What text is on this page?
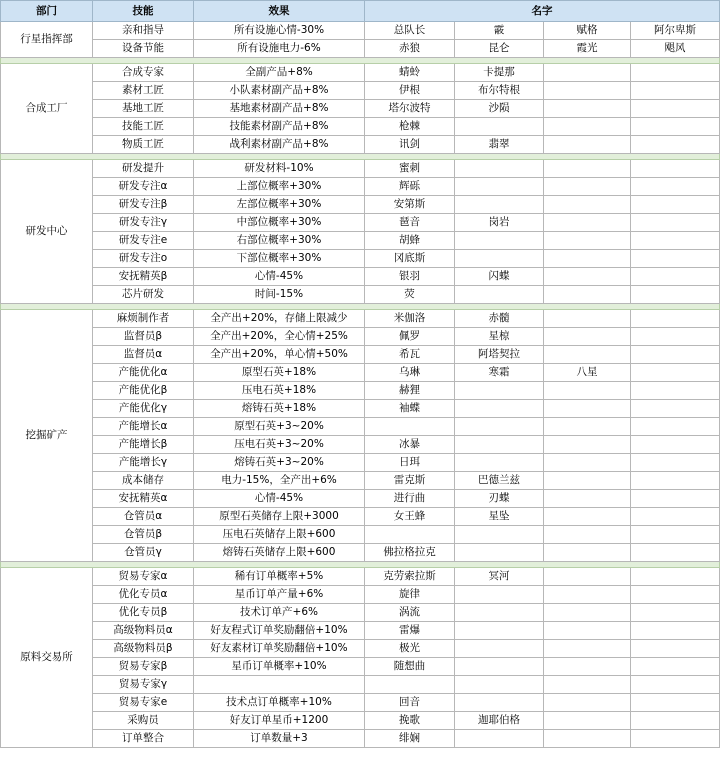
部门	技能	效果	名字			
行星指挥部	亲和指导	所有设施心情-30%	总队长	霰	赋格	阿尔卑斯
	设备节能	所有设施电力-6%	赤狼	昆仑	霞光	飓风

合成工厂	合成专家	全副产品+8%	蜻蛉	卡提那		
	素材工匠	小队素材副产品+8%	伊根	布尔特根		
	基地工匠	基地素材副产品+8%	塔尔波特	沙陨		
	技能工匠	技能素材副产品+8%	枪棘			
	物质工匠	战利素材副产品+8%	讯剑	翡翠		

研发中心	研发提升	研发材料-10%	蜜刺			
	研发专注α	上部位概率+30%	辉砾			
	研发专注β	左部位概率+30%	安第斯			
	研发专注γ	中部位概率+30%	琶音	岗岩		
	研发专注e	右部位概率+30%	胡蜂			
	研发专注o	下部位概率+30%	冈底斯			
	安抚精英β	心情-45%	银羽	闪蝶		
	芯片研发	时间-15%	荧			

挖掘矿产	麻烦制作者	全产出+20%，存储上限减少	米伽洛	赤髓		
	监督员β	全产出+20%，全心情+25%	佩罗	星椋		
	监督员α	全产出+20%，单心情+50%	希瓦	阿塔契拉		
	产能优化α	原型石英+18%	乌琳	寒霜	八星	
	产能优化β	压电石英+18%	赫狸			
	产能优化γ	熔铸石英+18%	袖蝶			
	产能增长α	原型石英+3~20%				
	产能增长β	压电石英+3~20%	冰暴			
	产能增长γ	熔铸石英+3~20%	日珥			
	成本储存	电力-15%，全产出+6%	雷克斯	巴德兰兹		
	安抚精英α	心情-45%	进行曲	刃蝶		
	仓管员α	原型石英储存上限+3000	女王蜂	星坠		
	仓管员β	压电石英储存上限+600				
	仓管员γ	熔铸石英储存上限+600	佛拉格拉克			

原料交易所	贸易专家α	稀有订单概率+5%	克劳索拉斯	冥河		
	优化专员α	星币订单产量+6%	旋律			
	优化专员β	技术订单产+6%	涡流			
	高级物料员α	好友程式订单奖励翻倍+10%	雷爆			
	高级物料员β	好友素材订单奖励翻倍+10%	极光			
	贸易专家β	星币订单概率+10%	随想曲			
	贸易专家γ					
	贸易专家e	技术点订单概率+10%	回音			
	采购员	好友订单星币+1200	挽歌	迦耶伯格		
	订单整合	订单数量+3	绯娴			
